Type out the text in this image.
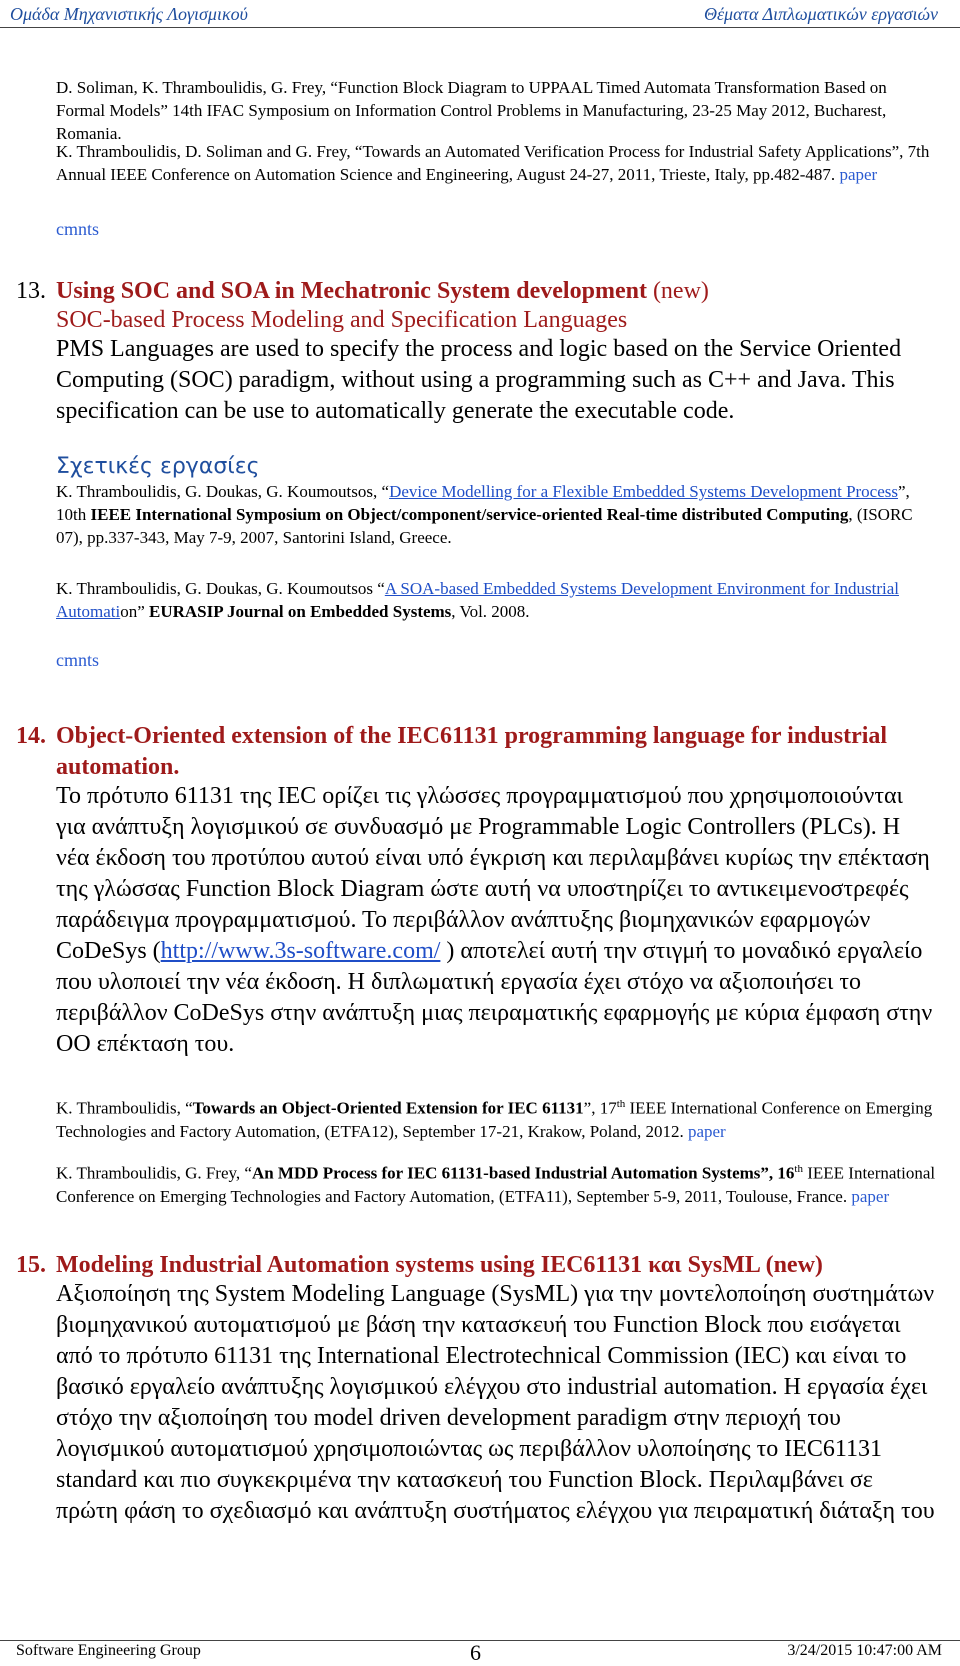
Ομάδα Μηχανιστικής Λογισμικού	Θέματα Διπλωματικών εργασιών

D. Soliman, K. Thramboulidis, G. Frey, “Function Block Diagram to UPPAAL Timed Automata Transformation Based on Formal Models” 14th IFAC Symposium on Information Control Problems in Manufacturing, 23-25 May 2012, Bucharest, Romania.

K. Thramboulidis, D. Soliman and G. Frey, “Towards an Automated Verification Process for Industrial Safety Applications”, 7th Annual IEEE Conference on Automation Science and Engineering, August 24-27, 2011, Trieste, Italy, pp.482-487. paper

cmnts

13. Using SOC and SOA in Mechatronic System development (new)

SOC-based Process Modeling and Specification Languages

PMS Languages are used to specify the process and logic based on the Service Oriented Computing (SOC) paradigm, without using a programming such as C++ and Java. This specification can be use to automatically generate the executable code.

Σχετικές εργασίες

K. Thramboulidis, G. Doukas, G. Koumoutsos, “Device Modelling for a Flexible Embedded Systems Development Process”, 10th IEEE International Symposium on Object/component/service-oriented Real-time distributed Computing, (ISORC 07), pp.337-343, May 7-9, 2007, Santorini Island, Greece.

K. Thramboulidis, G. Doukas, G. Koumoutsos “A SOA-based Embedded Systems Development Environment for Industrial Automation” EURASIP Journal on Embedded Systems, Vol. 2008.

cmnts

14. Object-Oriented extension of the IEC61131 programming language for industrial automation.

Το πρότυπο 61131 της IEC ορίζει τις γλώσσες προγραμματισμού που χρησιμοποιούνται για ανάπτυξη λογισμικού σε συνδυασμό με Programmable Logic Controllers (PLCs). Η νέα έκδοση του προτύπου αυτού είναι υπό έγκριση και περιλαμβάνει κυρίως την επέκταση της γλώσσας Function Block Diagram ώστε αυτή να υποστηρίζει το αντικειμενοστρεφές παράδειγμα προγραμματισμού. Το περιβάλλον ανάπτυξης βιομηχανικών εφαρμογών CoDeSys (http://www.3s-software.com/ ) αποτελεί αυτή την στιγμή το μοναδικό εργαλείο που υλοποιεί την νέα έκδοση. Η διπλωματική εργασία έχει στόχο να αξιοποιήσει το περιβάλλον CoDeSys στην ανάπτυξη μιας πειραματικής εφαρμογής με κύρια έμφαση στην ΟΟ επέκταση του.

K. Thramboulidis, “Towards an Object-Oriented Extension for IEC 61131”, 17th IEEE International Conference on Emerging Technologies and Factory Automation, (ETFA12), September 17-21, Krakow, Poland, 2012. paper

K. Thramboulidis, G. Frey, “An MDD Process for IEC 61131-based Industrial Automation Systems”, 16th IEEE International Conference on Emerging Technologies and Factory Automation, (ETFA11), September 5-9, 2011, Toulouse, France. paper

15. Modeling Industrial Automation systems using IEC61131 και SysML (new)

Αξιοποίηση της System Modeling Language (SysML) για την μοντελοποίηση συστημάτων βιομηχανικού αυτοματισμού με βάση την κατασκευή του Function Block που εισάγεται από το πρότυπο 61131 της International Electrotechnical Commission (IEC) και είναι το βασικό εργαλείο ανάπτυξης λογισμικού ελέγχου στο industrial automation. Η εργασία έχει στόχο την αξιοποίηση του model driven development paradigm στην περιοχή του λογισμικού αυτοματισμού χρησιμοποιώντας ως περιβάλλον υλοποίησης το IEC61131 standard και πιο συγκεκριμένα την κατασκευή του Function Block. Περιλαμβάνει σε πρώτη φάση το σχεδιασμό και ανάπτυξη συστήματος ελέγχου για πειραματική διάταξη του

Software Engineering Group	6	3/24/2015 10:47:00 AM
